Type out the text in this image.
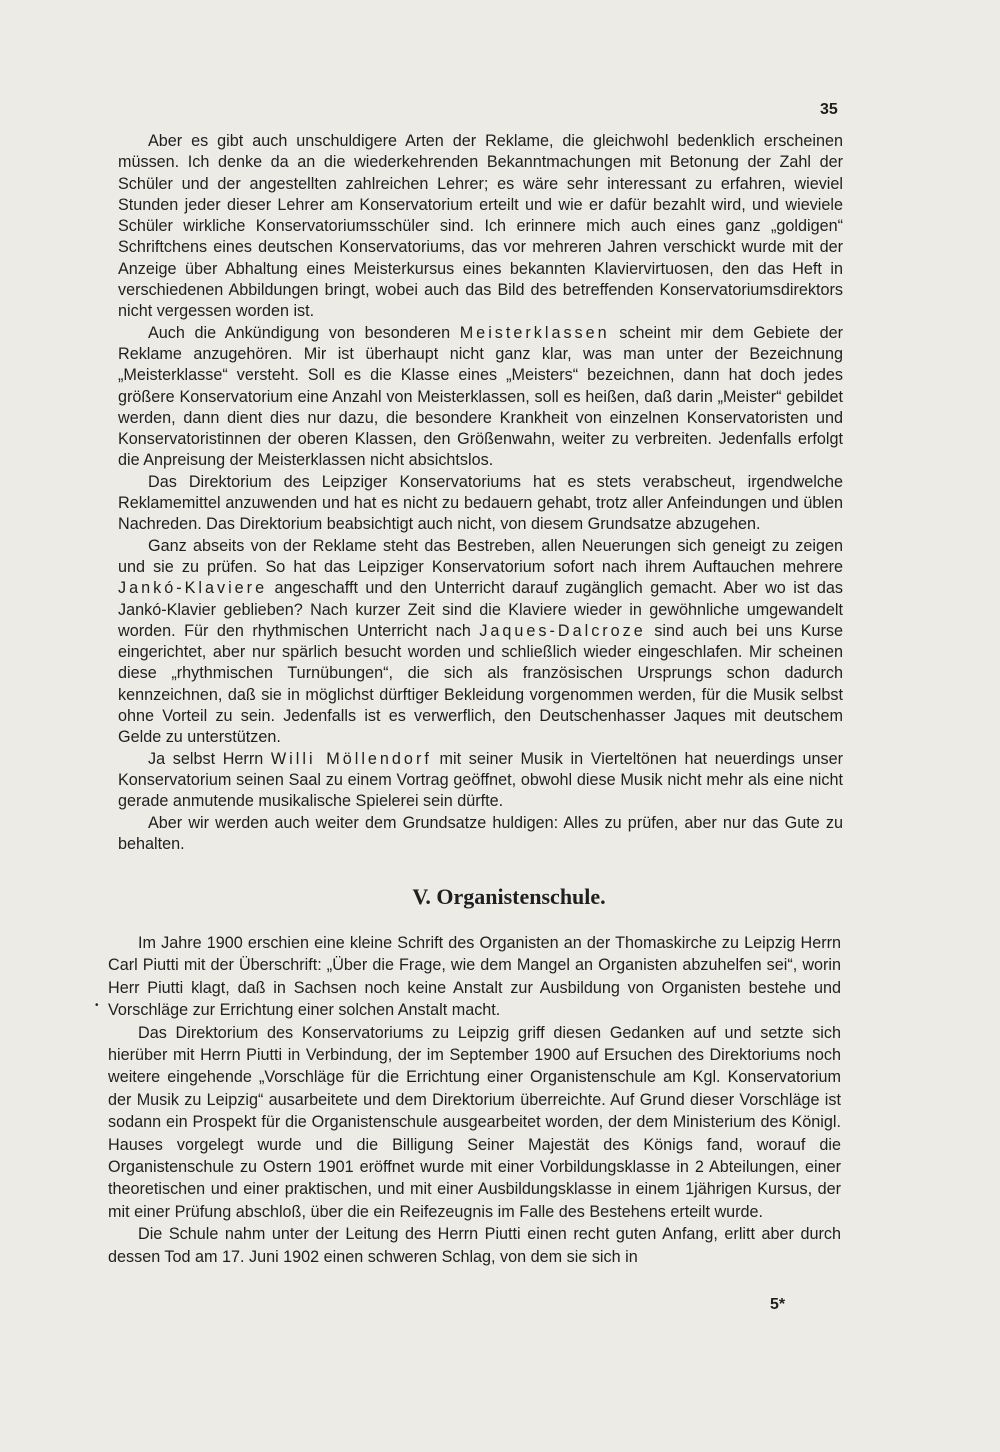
35

Aber es gibt auch unschuldigere Arten der Reklame, die gleichwohl bedenklich erscheinen müssen. Ich denke da an die wiederkehrenden Bekanntmachungen mit Betonung der Zahl der Schüler und der angestellten zahlreichen Lehrer; es wäre sehr interessant zu erfahren, wieviel Stunden jeder dieser Lehrer am Konservatorium erteilt und wie er dafür bezahlt wird, und wieviele Schüler wirkliche Konservatoriumsschüler sind. Ich erinnere mich auch eines ganz „goldigen“ Schriftchens eines deutschen Konservatoriums, das vor mehreren Jahren verschickt wurde mit der Anzeige über Abhaltung eines Meisterkursus eines bekannten Klaviervirtuosen, den das Heft in verschiedenen Abbildungen bringt, wobei auch das Bild des betreffenden Konservatoriumsdirektors nicht vergessen worden ist.

Auch die Ankündigung von besonderen Meisterklassen scheint mir dem Gebiete der Reklame anzugehören. Mir ist überhaupt nicht ganz klar, was man unter der Bezeichnung „Meisterklasse“ versteht. Soll es die Klasse eines „Meisters“ bezeichnen, dann hat doch jedes größere Konservatorium eine Anzahl von Meisterklassen, soll es heißen, daß darin „Meister“ gebildet werden, dann dient dies nur dazu, die besondere Krankheit von einzelnen Konservatoristen und Konservatoristinnen der oberen Klassen, den Größenwahn, weiter zu verbreiten. Jedenfalls erfolgt die Anpreisung der Meisterklassen nicht absichtslos.

Das Direktorium des Leipziger Konservatoriums hat es stets verabscheut, irgendwelche Reklamemittel anzuwenden und hat es nicht zu bedauern gehabt, trotz aller Anfeindungen und üblen Nachreden. Das Direktorium beabsichtigt auch nicht, von diesem Grundsatze abzugehen.

Ganz abseits von der Reklame steht das Bestreben, allen Neuerungen sich geneigt zu zeigen und sie zu prüfen. So hat das Leipziger Konservatorium sofort nach ihrem Auftauchen mehrere Jankó-Klaviere angeschafft und den Unterricht darauf zugänglich gemacht. Aber wo ist das Jankó-Klavier geblieben? Nach kurzer Zeit sind die Klaviere wieder in gewöhnliche umgewandelt worden. Für den rhythmischen Unterricht nach Jaques-Dalcroze sind auch bei uns Kurse eingerichtet, aber nur spärlich besucht worden und schließlich wieder eingeschlafen. Mir scheinen diese „rhythmischen Turnübungen“, die sich als französischen Ursprungs schon dadurch kennzeichnen, daß sie in möglichst dürftiger Bekleidung vorgenommen werden, für die Musik selbst ohne Vorteil zu sein. Jedenfalls ist es verwerflich, den Deutschenhasser Jaques mit deutschem Gelde zu unterstützen.

Ja selbst Herrn Willi Möllendorf mit seiner Musik in Vierteltönen hat neuerdings unser Konservatorium seinen Saal zu einem Vortrag geöffnet, obwohl diese Musik nicht mehr als eine nicht gerade anmutende musikalische Spielerei sein dürfte.

Aber wir werden auch weiter dem Grundsatze huldigen: Alles zu prüfen, aber nur das Gute zu behalten.

V. Organistenschule.
•

Im Jahre 1900 erschien eine kleine Schrift des Organisten an der Thomaskirche zu Leipzig Herrn Carl Piutti mit der Überschrift: „Über die Frage, wie dem Mangel an Organisten abzuhelfen sei“, worin Herr Piutti klagt, daß in Sachsen noch keine Anstalt zur Ausbildung von Organisten bestehe und Vorschläge zur Errichtung einer solchen Anstalt macht.

Das Direktorium des Konservatoriums zu Leipzig griff diesen Gedanken auf und setzte sich hierüber mit Herrn Piutti in Verbindung, der im September 1900 auf Ersuchen des Direktoriums noch weitere eingehende „Vorschläge für die Errichtung einer Organistenschule am Kgl. Konservatorium der Musik zu Leipzig“ ausarbeitete und dem Direktorium überreichte. Auf Grund dieser Vorschläge ist sodann ein Prospekt für die Organistenschule ausgearbeitet worden, der dem Ministerium des Königl. Hauses vorgelegt wurde und die Billigung Seiner Majestät des Königs fand, worauf die Organistenschule zu Ostern 1901 eröffnet wurde mit einer Vorbildungsklasse in 2 Abteilungen, einer theoretischen und einer praktischen, und mit einer Ausbildungsklasse in einem 1jährigen Kursus, der mit einer Prüfung abschloß, über die ein Reifezeugnis im Falle des Bestehens erteilt wurde.

Die Schule nahm unter der Leitung des Herrn Piutti einen recht guten Anfang, erlitt aber durch dessen Tod am 17. Juni 1902 einen schweren Schlag, von dem sie sich in

5*
